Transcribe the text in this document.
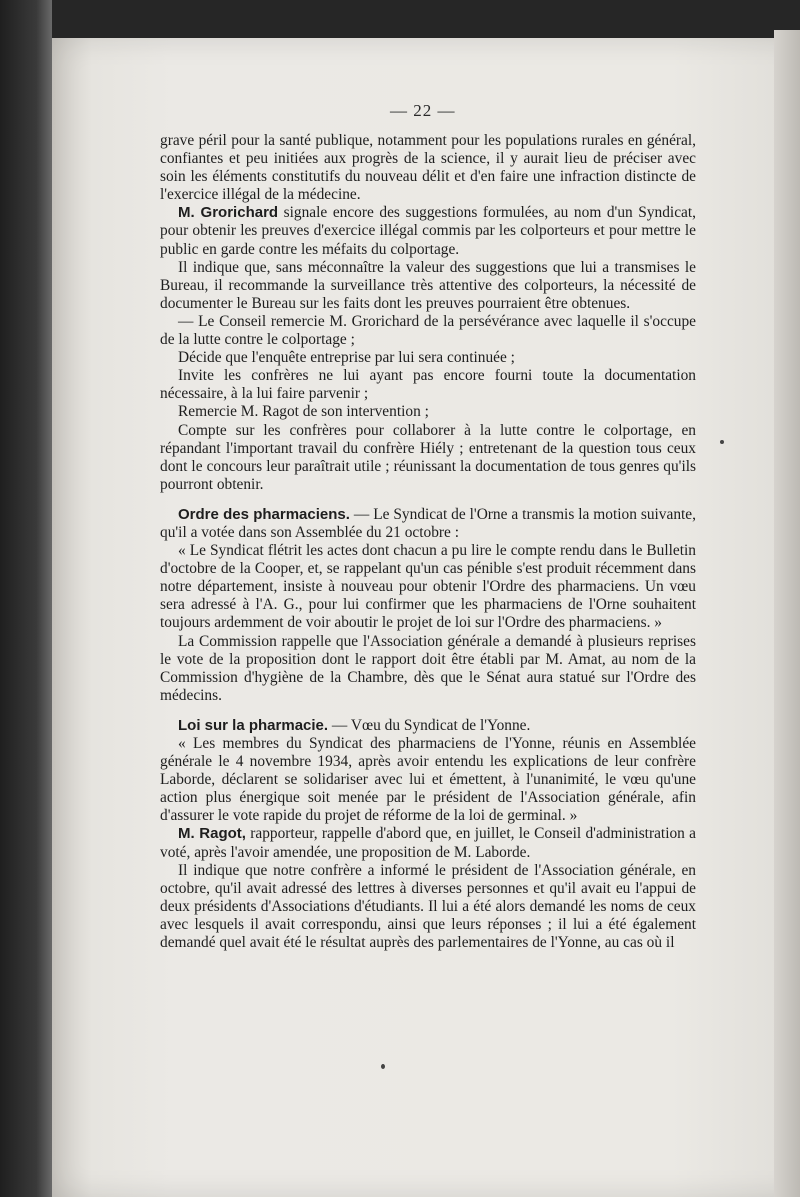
— 22 —

grave péril pour la santé publique, notamment pour les populations rurales en général, confiantes et peu initiées aux progrès de la science, il y aurait lieu de préciser avec soin les éléments constitutifs du nouveau délit et d'en faire une infraction distincte de l'exercice illégal de la médecine.

M. Grorichard signale encore des suggestions formulées, au nom d'un Syndicat, pour obtenir les preuves d'exercice illégal commis par les colporteurs et pour mettre le public en garde contre les méfaits du colportage.

Il indique que, sans méconnaître la valeur des suggestions que lui a transmises le Bureau, il recommande la surveillance très attentive des colporteurs, la nécessité de documenter le Bureau sur les faits dont les preuves pourraient être obtenues.

— Le Conseil remercie M. Grorichard de la persévérance avec laquelle il s'occupe de la lutte contre le colportage ;

Décide que l'enquête entreprise par lui sera continuée ;

Invite les confrères ne lui ayant pas encore fourni toute la documentation nécessaire, à la lui faire parvenir ;

Remercie M. Ragot de son intervention ;

Compte sur les confrères pour collaborer à la lutte contre le colportage, en répandant l'important travail du confrère Hiély ; entretenant de la question tous ceux dont le concours leur paraîtrait utile ; réunissant la documentation de tous genres qu'ils pourront obtenir.

Ordre des pharmaciens. — Le Syndicat de l'Orne a transmis la motion suivante, qu'il a votée dans son Assemblée du 21 octobre :

« Le Syndicat flétrit les actes dont chacun a pu lire le compte rendu dans le Bulletin d'octobre de la Cooper, et, se rappelant qu'un cas pénible s'est produit récemment dans notre département, insiste à nouveau pour obtenir l'Ordre des pharmaciens. Un vœu sera adressé à l'A. G., pour lui confirmer que les pharmaciens de l'Orne souhaitent toujours ardemment de voir aboutir le projet de loi sur l'Ordre des pharmaciens. »

La Commission rappelle que l'Association générale a demandé à plusieurs reprises le vote de la proposition dont le rapport doit être établi par M. Amat, au nom de la Commission d'hygiène de la Chambre, dès que le Sénat aura statué sur l'Ordre des médecins.

Loi sur la pharmacie. — Vœu du Syndicat de l'Yonne.

« Les membres du Syndicat des pharmaciens de l'Yonne, réunis en Assemblée générale le 4 novembre 1934, après avoir entendu les explications de leur confrère Laborde, déclarent se solidariser avec lui et émettent, à l'unanimité, le vœu qu'une action plus énergique soit menée par le président de l'Association générale, afin d'assurer le vote rapide du projet de réforme de la loi de germinal. »

M. Ragot, rapporteur, rappelle d'abord que, en juillet, le Conseil d'administration a voté, après l'avoir amendée, une proposition de M. Laborde.

Il indique que notre confrère a informé le président de l'Association générale, en octobre, qu'il avait adressé des lettres à diverses personnes et qu'il avait eu l'appui de deux présidents d'Associations d'étudiants. Il lui a été alors demandé les noms de ceux avec lesquels il avait correspondu, ainsi que leurs réponses ; il lui a été également demandé quel avait été le résultat auprès des parlementaires de l'Yonne, au cas où il
